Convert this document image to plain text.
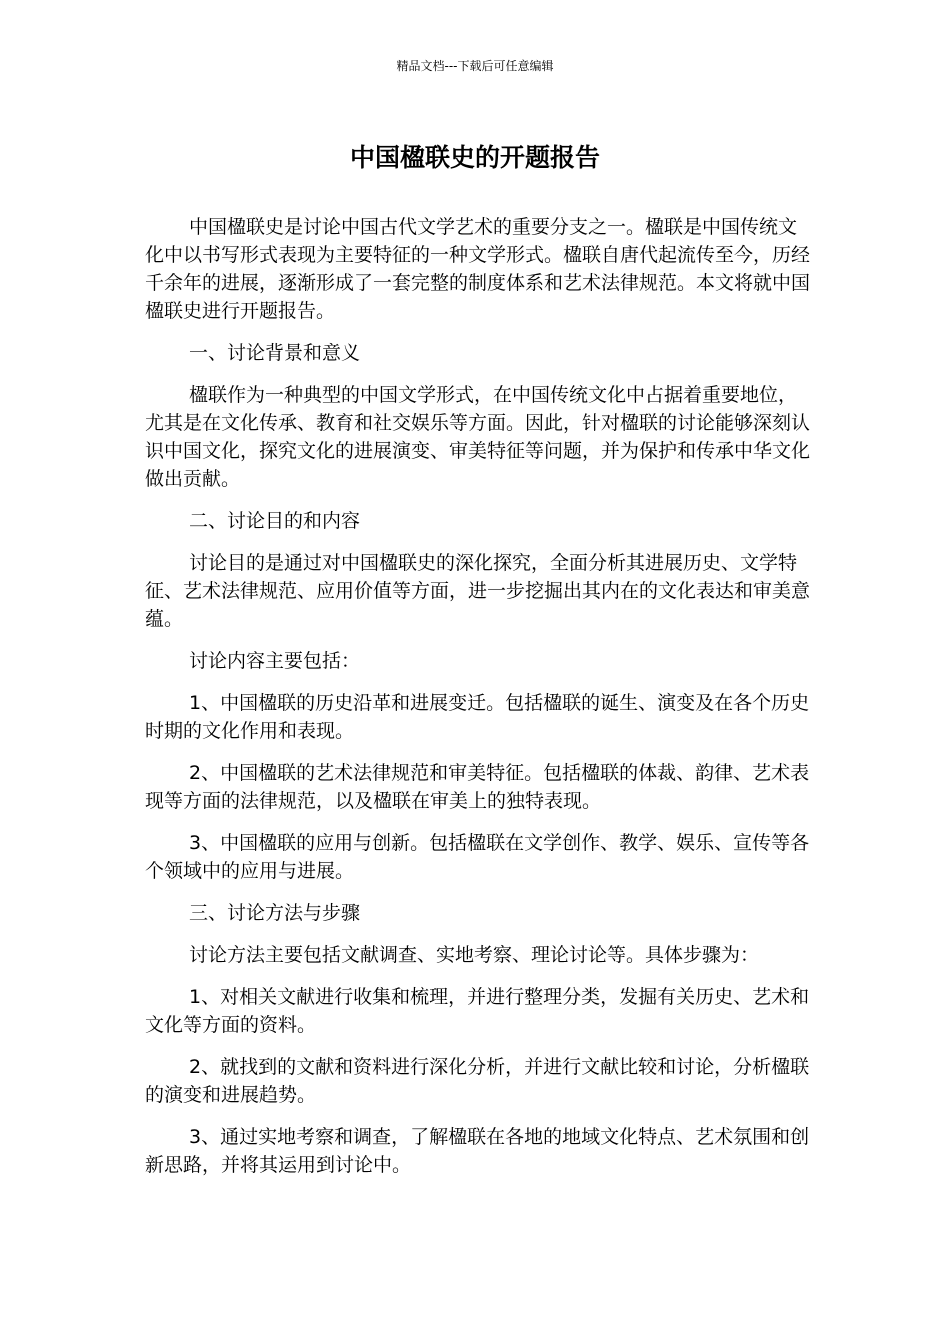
精品文档---下载后可任意编辑
中国楹联史的开题报告

中国楹联史是讨论中国古代文学艺术的重要分支之一。楹联是中国传统文化中以书写形式表现为主要特征的一种文学形式。楹联自唐代起流传至今，历经千余年的进展，逐渐形成了一套完整的制度体系和艺术法律规范。本文将就中国楹联史进行开题报告。

一、讨论背景和意义

楹联作为一种典型的中国文学形式，在中国传统文化中占据着重要地位，尤其是在文化传承、教育和社交娱乐等方面。因此，针对楹联的讨论能够深刻认识中国文化，探究文化的进展演变、审美特征等问题，并为保护和传承中华文化做出贡献。

二、讨论目的和内容

讨论目的是通过对中国楹联史的深化探究，全面分析其进展历史、文学特征、艺术法律规范、应用价值等方面，进一步挖掘出其内在的文化表达和审美意蕴。

讨论内容主要包括：

1、中国楹联的历史沿革和进展变迁。包括楹联的诞生、演变及在各个历史时期的文化作用和表现。

2、中国楹联的艺术法律规范和审美特征。包括楹联的体裁、韵律、艺术表现等方面的法律规范，以及楹联在审美上的独特表现。

3、中国楹联的应用与创新。包括楹联在文学创作、教学、娱乐、宣传等各个领域中的应用与进展。

三、讨论方法与步骤

讨论方法主要包括文献调查、实地考察、理论讨论等。具体步骤为：

1、对相关文献进行收集和梳理，并进行整理分类，发掘有关历史、艺术和文化等方面的资料。

2、就找到的文献和资料进行深化分析，并进行文献比较和讨论，分析楹联的演变和进展趋势。

3、通过实地考察和调查，了解楹联在各地的地域文化特点、艺术氛围和创新思路，并将其运用到讨论中。
